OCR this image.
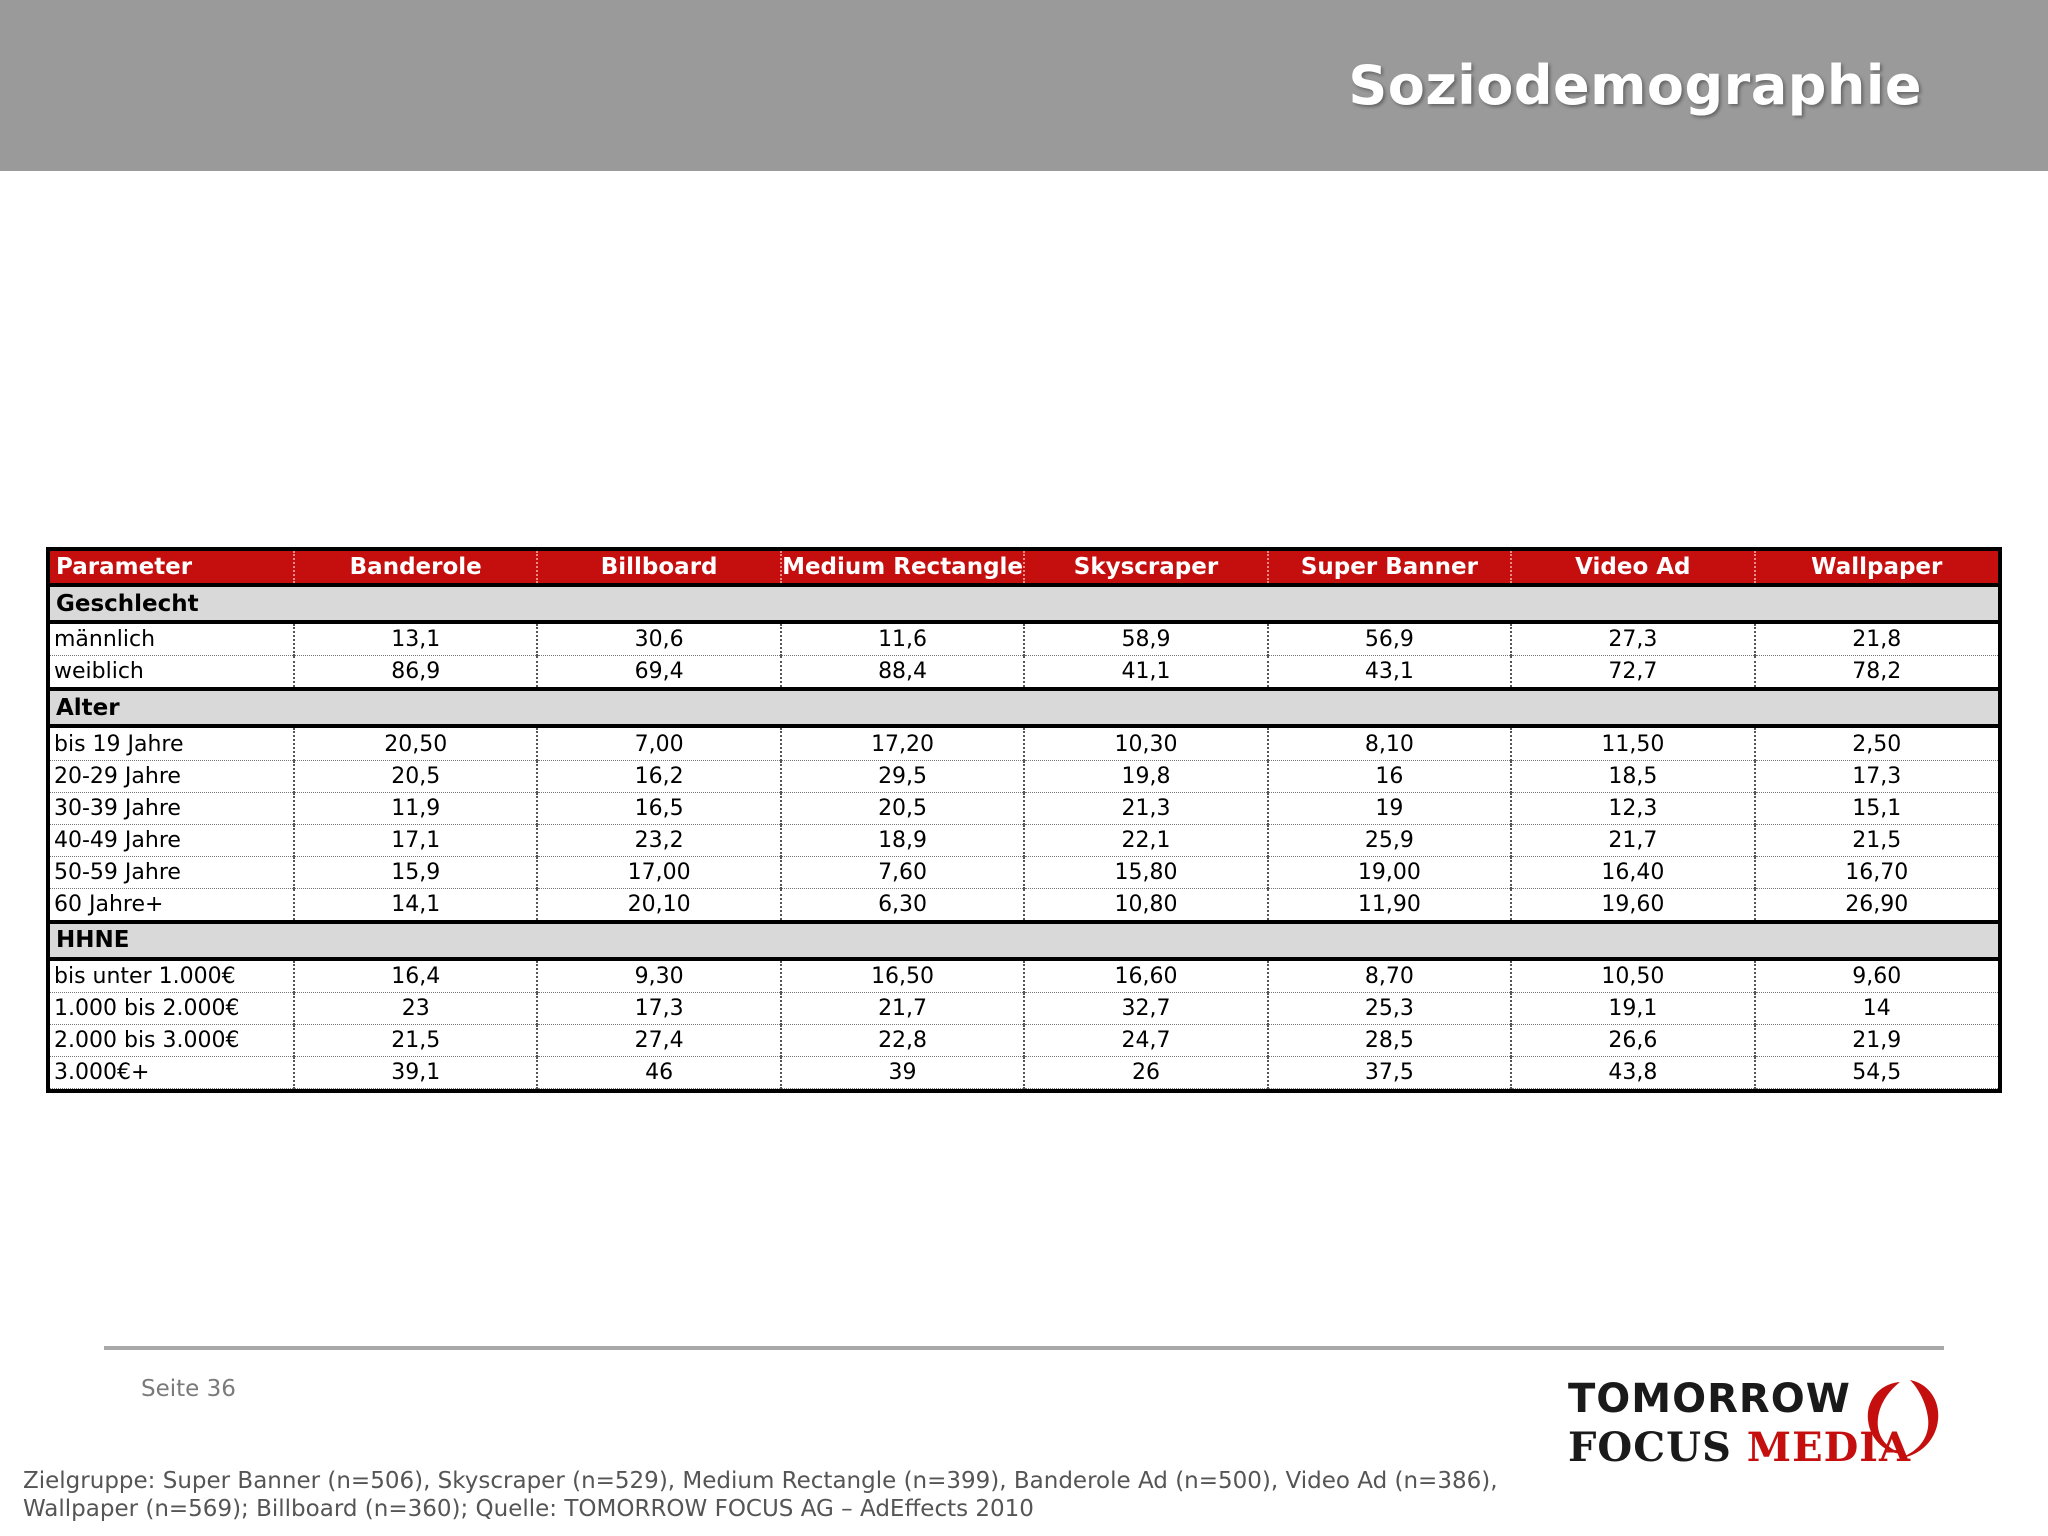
Soziodemographie
Parameter	Banderole	Billboard	Medium Rectangle	Skyscraper	Super Banner	Video Ad	Wallpaper
Geschlecht							
männlich	13,1	30,6	11,6	58,9	56,9	27,3	21,8
weiblich	86,9	69,4	88,4	41,1	43,1	72,7	78,2
Alter							
bis 19 Jahre	20,50	7,00	17,20	10,30	8,10	11,50	2,50
20-29 Jahre	20,5	16,2	29,5	19,8	16	18,5	17,3
30-39 Jahre	11,9	16,5	20,5	21,3	19	12,3	15,1
40-49 Jahre	17,1	23,2	18,9	22,1	25,9	21,7	21,5
50-59 Jahre	15,9	17,00	7,60	15,80	19,00	16,40	16,70
60 Jahre+	14,1	20,10	6,30	10,80	11,90	19,60	26,90
HHNE							
bis unter 1.000€	16,4	9,30	16,50	16,60	8,70	10,50	9,60
1.000 bis 2.000€	23	17,3	21,7	32,7	25,3	19,1	14
2.000 bis 3.000€	21,5	27,4	22,8	24,7	28,5	26,6	21,9
3.000€+	39,1	46	39	26	37,5	43,8	54,5
Seite 36	TOMORROW
FOCUS MEDIA
Zielgruppe: Super Banner (n=506), Skyscraper (n=529), Medium Rectangle (n=399), Banderole Ad (n=500), Video Ad (n=386),
Wallpaper (n=569); Billboard (n=360); Quelle: TOMORROW FOCUS AG – AdEffects 2010
